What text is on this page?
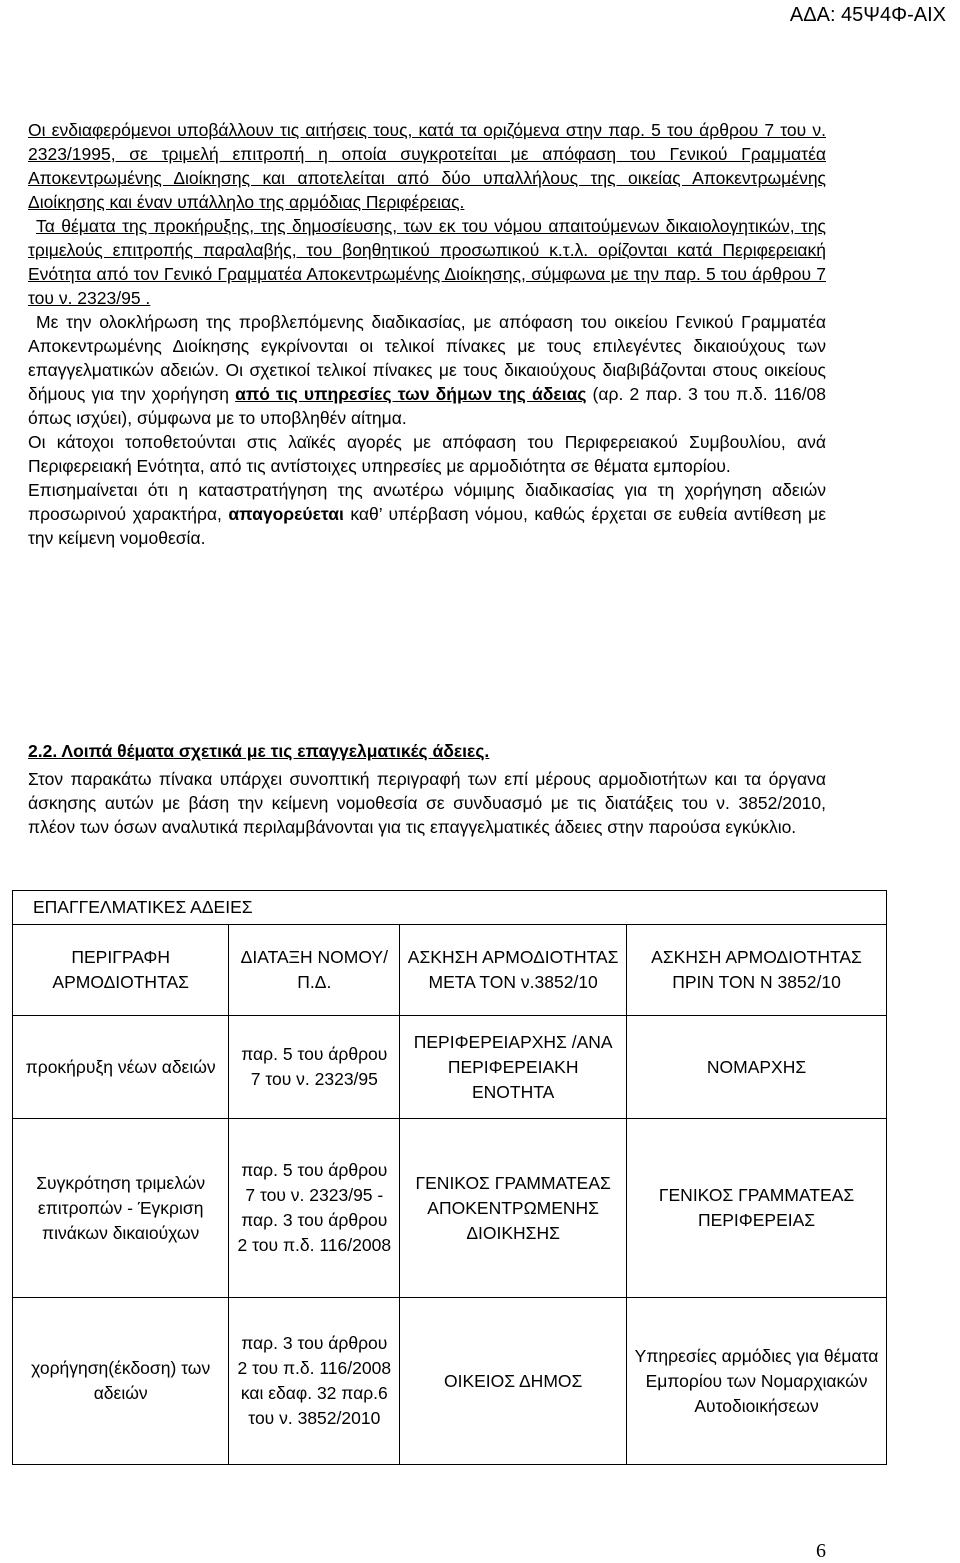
ΑΔΑ: 45Ψ4Φ-ΑΙΧ

Οι ενδιαφερόμενοι υποβάλλουν τις αιτήσεις τους, κατά τα οριζόμενα στην παρ. 5 του άρθρου 7 του ν. 2323/1995, σε τριμελή επιτροπή η οποία συγκροτείται με απόφαση του Γενικού Γραμματέα Αποκεντρωμένης Διοίκησης και αποτελείται από δύο υπαλλήλους της οικείας Αποκεντρωμένης Διοίκησης και έναν υπάλληλο της αρμόδιας Περιφέρειας.

Τα θέματα της προκήρυξης, της δημοσίευσης, των εκ του νόμου απαιτούμενων δικαιολογητικών, της τριμελούς επιτροπής παραλαβής, του βοηθητικού προσωπικού κ.τ.λ. ορίζονται κατά Περιφερειακή Ενότητα από τον Γενικό Γραμματέα Αποκεντρωμένης Διοίκησης, σύμφωνα με την παρ. 5 του άρθρου 7 του ν. 2323/95 .

Με την ολοκλήρωση της προβλεπόμενης διαδικασίας, με απόφαση του οικείου Γενικού Γραμματέα Αποκεντρωμένης Διοίκησης εγκρίνονται οι τελικοί πίνακες με τους επιλεγέντες δικαιούχους των επαγγελματικών αδειών. Οι σχετικοί τελικοί πίνακες με τους δικαιούχους διαβιβάζονται στους οικείους δήμους για την χορήγηση από τις υπηρεσίες των δήμων της άδειας (αρ. 2 παρ. 3 του π.δ. 116/08 όπως ισχύει), σύμφωνα με το υποβληθέν αίτημα.

Οι κάτοχοι τοποθετούνται στις λαϊκές αγορές με απόφαση του Περιφερειακού Συμβουλίου, ανά Περιφερειακή Ενότητα, από τις αντίστοιχες υπηρεσίες με αρμοδιότητα σε θέματα εμπορίου.

Επισημαίνεται ότι η καταστρατήγηση της ανωτέρω νόμιμης διαδικασίας για τη χορήγηση αδειών προσωρινού χαρακτήρα, απαγορεύεται καθ’ υπέρβαση νόμου, καθώς έρχεται σε ευθεία αντίθεση με την κείμενη νομοθεσία.

2.2. Λοιπά θέματα σχετικά με τις επαγγελματικές άδειες.

Στον παρακάτω πίνακα υπάρχει συνοπτική περιγραφή των επί μέρους αρμοδιοτήτων και τα όργανα άσκησης αυτών με βάση την κείμενη νομοθεσία σε συνδυασμό με τις διατάξεις του ν. 3852/2010, πλέον των όσων αναλυτικά περιλαμβάνονται για τις επαγγελματικές άδειες στην παρούσα εγκύκλιο.

ΕΠΑΓΓΕΛΜΑΤΙΚΕΣ ΑΔΕΙΕΣ			
ΠΕΡΙΓΡΑΦΗ ΑΡΜΟΔΙΟΤΗΤΑΣ	ΔΙΑΤΑΞΗ ΝΟΜΟΥ/Π.Δ.	ΑΣΚΗΣΗ ΑΡΜΟΔΙΟΤΗΤΑΣ ΜΕΤΑ ΤΟΝ ν.3852/10	ΑΣΚΗΣΗ ΑΡΜΟΔΙΟΤΗΤΑΣ ΠΡΙΝ ΤΟΝ Ν 3852/10
προκήρυξη νέων αδειών	παρ. 5 του άρθρου 7 του ν. 2323/95	ΠΕΡΙΦΕΡΕΙΑΡΧΗΣ /ΑΝΑ ΠΕΡΙΦΕΡΕΙΑΚΗ ΕΝΟΤΗΤΑ	ΝΟΜΑΡΧΗΣ
Συγκρότηση τριμελών επιτροπών - Έγκριση πινάκων δικαιούχων	παρ. 5 του άρθρου 7 του ν. 2323/95 - παρ. 3 του άρθρου 2 του π.δ. 116/2008	ΓΕΝΙΚΟΣ ΓΡΑΜΜΑΤΕΑΣ ΑΠΟΚΕΝΤΡΩΜΕΝΗΣ ΔΙΟΙΚΗΣΗΣ	ΓΕΝΙΚΟΣ ΓΡΑΜΜΑΤΕΑΣ ΠΕΡΙΦΕΡΕΙΑΣ
χορήγηση(έκδοση) των αδειών	παρ. 3 του άρθρου 2 του π.δ. 116/2008 και εδαφ. 32 παρ.6 του ν. 3852/2010	ΟΙΚΕΙΟΣ ΔΗΜΟΣ	Υπηρεσίες αρμόδιες για θέματα Εμπορίου των Νομαρχιακών Αυτοδιοικήσεων
6
